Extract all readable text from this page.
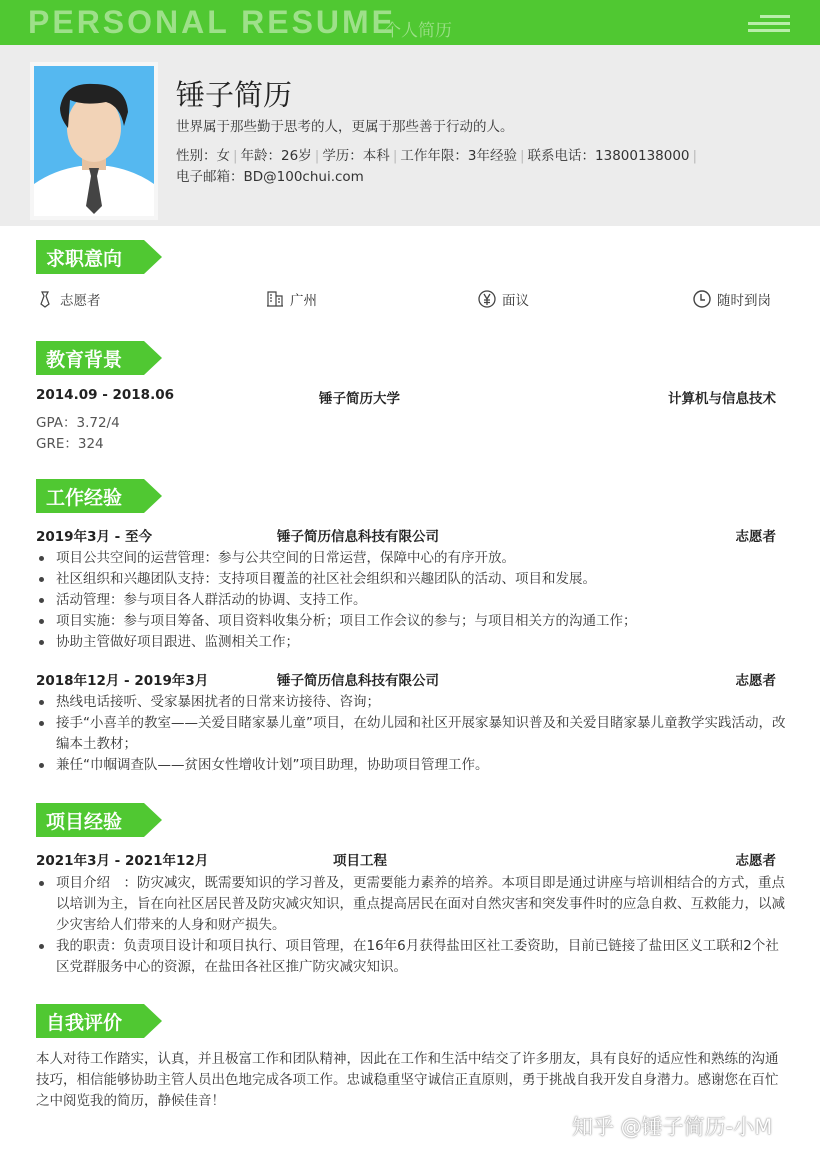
PERSONAL RESUME
个人简历
锤子简历
世界属于那些勤于思考的人，更属于那些善于行动的人。
性别：女 | 年龄：26岁 | 学历：本科 | 工作年限：3年经验 | 联系电话：13800138000 |
电子邮箱：BD@100chui.com
求职意向
志愿者	广州	面议	随时到岗
教育背景
2014.09 - 2018.06	锤子简历大学	计算机与信息技术
GPA：3.72/4
GRE：324
工作经验
2019年3月 - 至今	锤子简历信息科技有限公司	志愿者
项目公共空间的运营管理：参与公共空间的日常运营，保障中心的有序开放。
社区组织和兴趣团队支持：支持项目覆盖的社区社会组织和兴趣团队的活动、项目和发展。
活动管理：参与项目各人群活动的协调、支持工作。
项目实施：参与项目筹备、项目资料收集分析；项目工作会议的参与；与项目相关方的沟通工作；
协助主管做好项目跟进、监测相关工作；
2018年12月 - 2019年3月	锤子简历信息科技有限公司	志愿者
热线电话接听、受家暴困扰者的日常来访接待、咨询；
接手“小喜羊的教室——关爱目睹家暴儿童”项目，在幼儿园和社区开展家暴知识普及和关爱目睹家暴儿童教学实践活动，改编本土教材；
兼任“巾帼调查队——贫困女性增收计划”项目助理，协助项目管理工作。
项目经验
2021年3月 - 2021年12月	项目工程	志愿者
项目介绍　：防灾减灾，既需要知识的学习普及，更需要能力素养的培养。本项目即是通过讲座与培训相结合的方式，重点以培训为主，旨在向社区居民普及防灾减灾知识，重点提高居民在面对自然灾害和突发事件时的应急自救、互救能力，以减少灾害给人们带来的人身和财产损失。
我的职责：负责项目设计和项目执行、项目管理，在16年6月获得盐田区社工委资助，目前已链接了盐田区义工联和2个社区党群服务中心的资源，在盐田各社区推广防灾减灾知识。
自我评价
本人对待工作踏实，认真，并且极富工作和团队精神，因此在工作和生活中结交了许多朋友，具有良好的适应性和熟练的沟通技巧，相信能够协助主管人员出色地完成各项工作。忠诚稳重坚守诚信正直原则，勇于挑战自我开发自身潜力。感谢您在百忙之中阅览我的简历，静候佳音！
知乎 @锤子简历-小M
